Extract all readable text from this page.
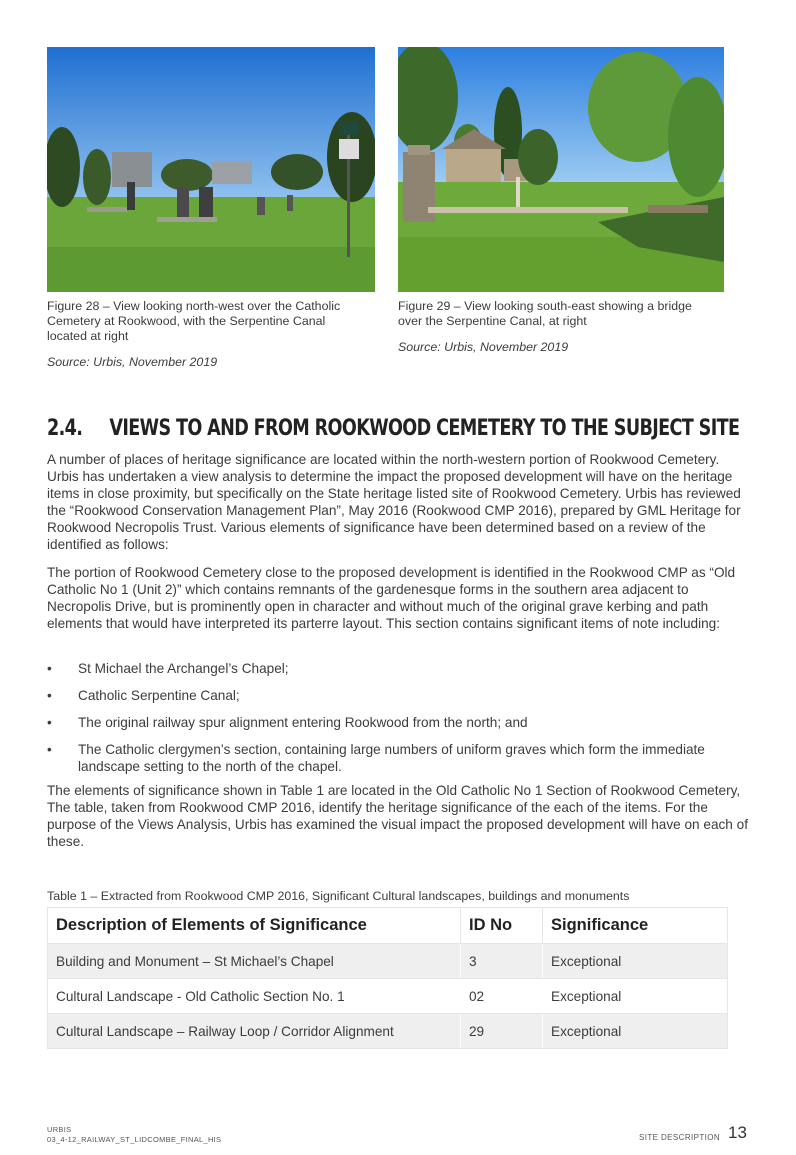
Figure 28 – View looking north-west over the Catholic Cemetery at Rookwood, with the Serpentine Canal located at right
Source: Urbis, November 2019
Figure 29 – View looking south-east showing a bridge over the Serpentine Canal, at right
Source: Urbis, November 2019
2.4. VIEWS TO AND FROM ROOKWOOD CEMETERY TO THE SUBJECT SITE

A number of places of heritage significance are located within the north-western portion of Rookwood Cemetery. Urbis has undertaken a view analysis to determine the impact the proposed development will have on the heritage items in close proximity, but specifically on the State heritage listed site of Rookwood Cemetery. Urbis has reviewed the “Rookwood Conservation Management Plan”, May 2016 (Rookwood CMP 2016), prepared by GML Heritage for Rookwood Necropolis Trust. Various elements of significance have been determined based on a review of the identified as follows:

The portion of Rookwood Cemetery close to the proposed development is identified in the Rookwood CMP as “Old Catholic No 1 (Unit 2)” which contains remnants of the gardenesque forms in the southern area adjacent to Necropolis Drive, but is prominently open in character and without much of the original grave kerbing and path elements that would have interpreted its parterre layout. This section contains significant items of note including:

• St Michael the Archangel’s Chapel;
• Catholic Serpentine Canal;
• The original railway spur alignment entering Rookwood from the north; and
• The Catholic clergymen’s section, containing large numbers of uniform graves which form the immediate landscape setting to the north of the chapel.

The elements of significance shown in Table 1 are located in the Old Catholic No 1 Section of Rookwood Cemetery, The table, taken from Rookwood CMP 2016, identify the heritage significance of the each of the items. For the purpose of the Views Analysis, Urbis has examined the visual impact the proposed development will have on each of these.

Table 1 – Extracted from Rookwood CMP 2016, Significant Cultural landscapes, buildings and monuments
Description of Elements of Significance	ID No	Significance
Building and Monument – St Michael’s Chapel	3	Exceptional
Cultural Landscape - Old Catholic Section No. 1	02	Exceptional
Cultural Landscape – Railway Loop / Corridor Alignment	29	Exceptional
URBIS
03_4-12_RAILWAY_ST_LIDCOMBE_FINAL_HIS	SITE DESCRIPTION 13
